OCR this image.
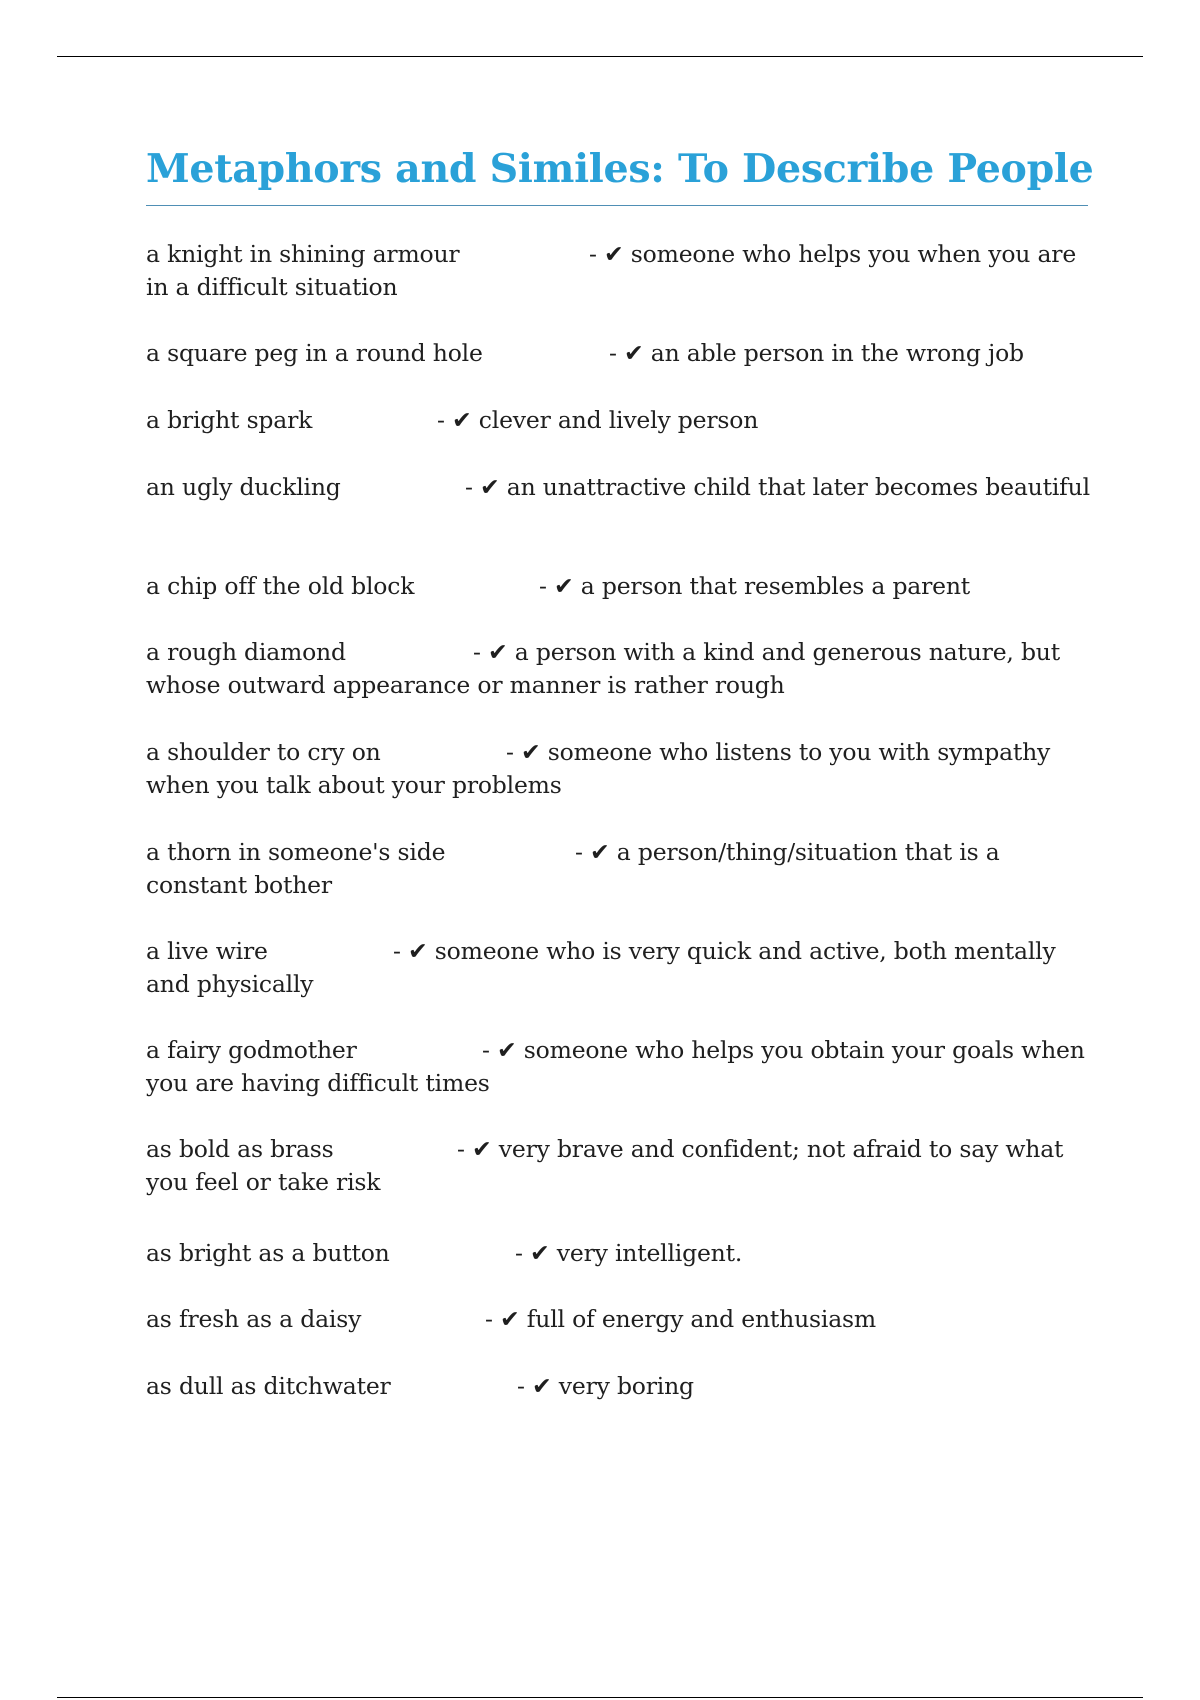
Metaphors and Similes: To Describe People

a knight in shining armour	- ✔ someone who helps you when you are in a difficult situation

a square peg in a round hole	- ✔ an able person in the wrong job

a bright spark	- ✔ clever and lively person

an ugly duckling	- ✔ an unattractive child that later becomes beautiful

a chip off the old block	- ✔ a person that resembles a parent

a rough diamond	- ✔ a person with a kind and generous nature, but whose outward appearance or manner is rather rough

a shoulder to cry on	- ✔ someone who listens to you with sympathy when you talk about your problems

a thorn in someone's side	- ✔ a person/thing/situation that is a constant bother

a live wire	- ✔ someone who is very quick and active, both mentally and physically

a fairy godmother	- ✔ someone who helps you obtain your goals when you are having difficult times

as bold as brass	- ✔ very brave and confident; not afraid to say what you feel or take risk

as bright as a button	- ✔ very intelligent.

as fresh as a daisy	- ✔ full of energy and enthusiasm

as dull as ditchwater	- ✔ very boring
